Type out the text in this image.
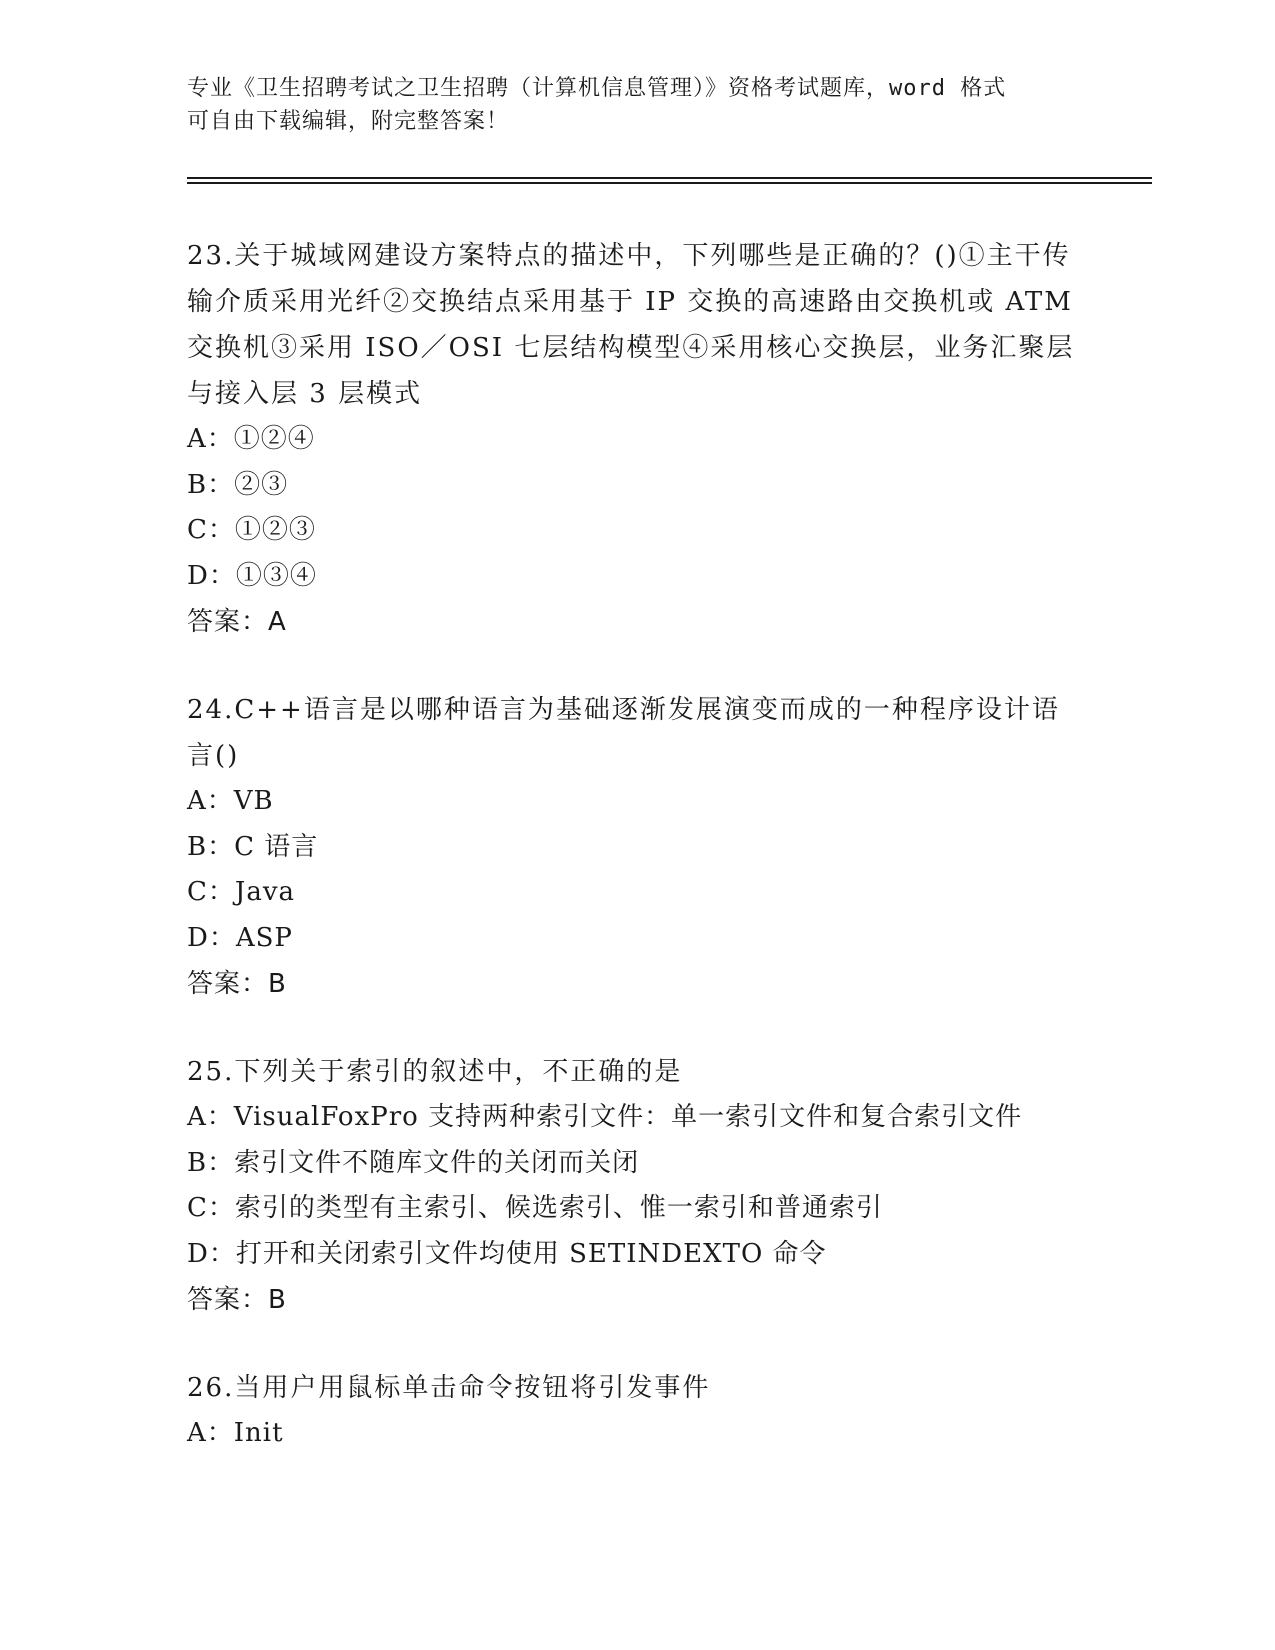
专业《卫生招聘考试之卫生招聘（计算机信息管理）》资格考试题库，word 格式
可自由下载编辑，附完整答案！
23.关于城域网建设方案特点的描述中，下列哪些是正确的？()①主干传输介质采用光纤②交换结点采用基于 IP 交换的高速路由交换机或 ATM 交换机③采用 ISO／OSI 七层结构模型④采用核心交换层，业务汇聚层与接入层 3 层模式
A：①②④
B：②③
C：①②③
D：①③④
答案：A
24.C++语言是以哪种语言为基础逐渐发展演变而成的一种程序设计语言()
A：VB
B：C 语言
C：Java
D：ASP
答案：B
25.下列关于索引的叙述中，不正确的是
A：VisualFoxPro 支持两种索引文件：单一索引文件和复合索引文件
B：索引文件不随库文件的关闭而关闭
C：索引的类型有主索引、候选索引、惟一索引和普通索引
D：打开和关闭索引文件均使用 SETINDEXTO 命令
答案：B
26.当用户用鼠标单击命令按钮将引发事件
A：Init
